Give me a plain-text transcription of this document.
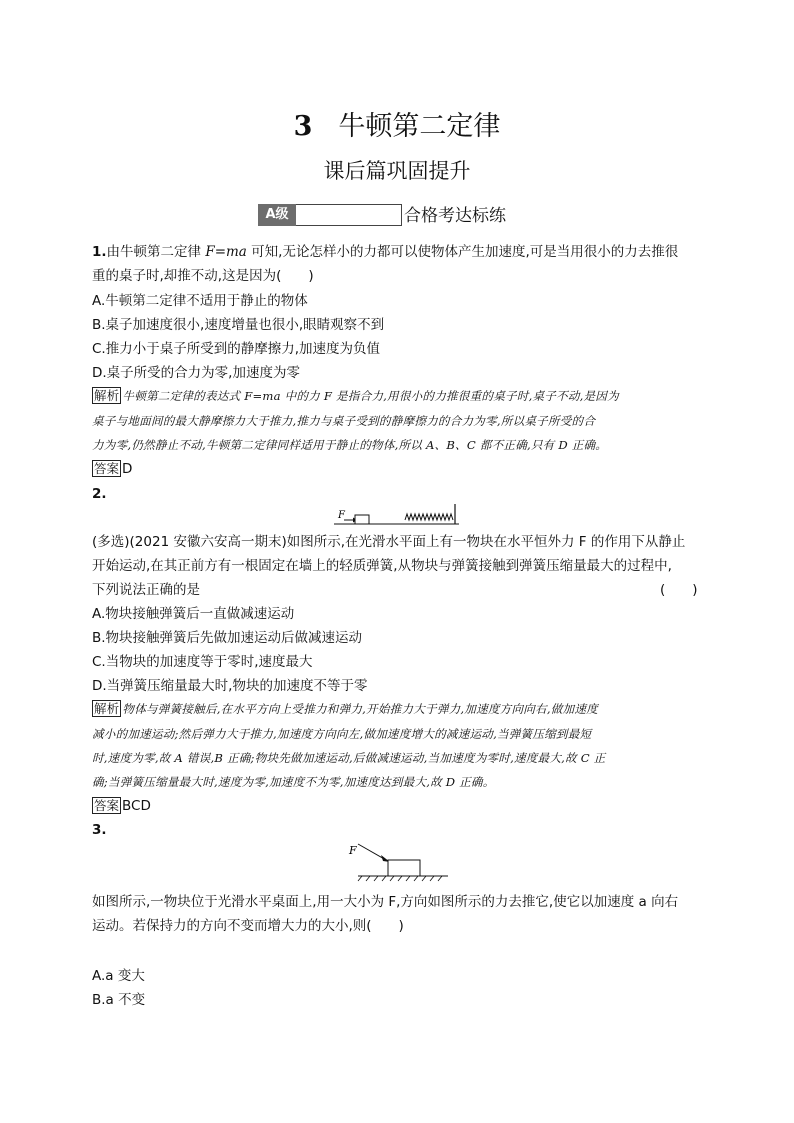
3 牛顿第二定律
课后篇巩固提升
A级	合格考达标练
1.由牛顿第二定律 F=ma 可知,无论怎样小的力都可以使物体产生加速度,可是当用很小的力去推很
重的桌子时,却推不动,这是因为(　　)
A.牛顿第二定律不适用于静止的物体
B.桌子加速度很小,速度增量也很小,眼睛观察不到
C.推力小于桌子所受到的静摩擦力,加速度为负值
D.桌子所受的合力为零,加速度为零
解析 牛顿第二定律的表达式 F=ma 中的力 F 是指合力,用很小的力推很重的桌子时,桌子不动,是因为
桌子与地面间的最大静摩擦力大于推力,推力与桌子受到的静摩擦力的合力为零,所以桌子所受的合
力为零,仍然静止不动,牛顿第二定律同样适用于静止的物体,所以 A、B、C 都不正确,只有 D 正确。
答案 D
2.
F
(多选)(2021 安徽六安高一期末)如图所示,在光滑水平面上有一物块在水平恒外力 F 的作用下从静止
开始运动,在其正前方有一根固定在墙上的轻质弹簧,从物块与弹簧接触到弹簧压缩量最大的过程中,
下列说法正确的是	(　　)
A.物块接触弹簧后一直做减速运动
B.物块接触弹簧后先做加速运动后做减速运动
C.当物块的加速度等于零时,速度最大
D.当弹簧压缩量最大时,物块的加速度不等于零
解析 物体与弹簧接触后,在水平方向上受推力和弹力,开始推力大于弹力,加速度方向向右,做加速度
减小的加速运动;然后弹力大于推力,加速度方向向左,做加速度增大的减速运动,当弹簧压缩到最短
时,速度为零,故 A 错误,B 正确;物块先做加速运动,后做减速运动,当加速度为零时,速度最大,故 C 正
确;当弹簧压缩量最大时,速度为零,加速度不为零,加速度达到最大,故 D 正确。
答案 BCD
3.
F
如图所示,一物块位于光滑水平桌面上,用一大小为 F,方向如图所示的力去推它,使它以加速度 a 向右
运动。若保持力的方向不变而增大力的大小,则(　　)
A.a 变大
B.a 不变
